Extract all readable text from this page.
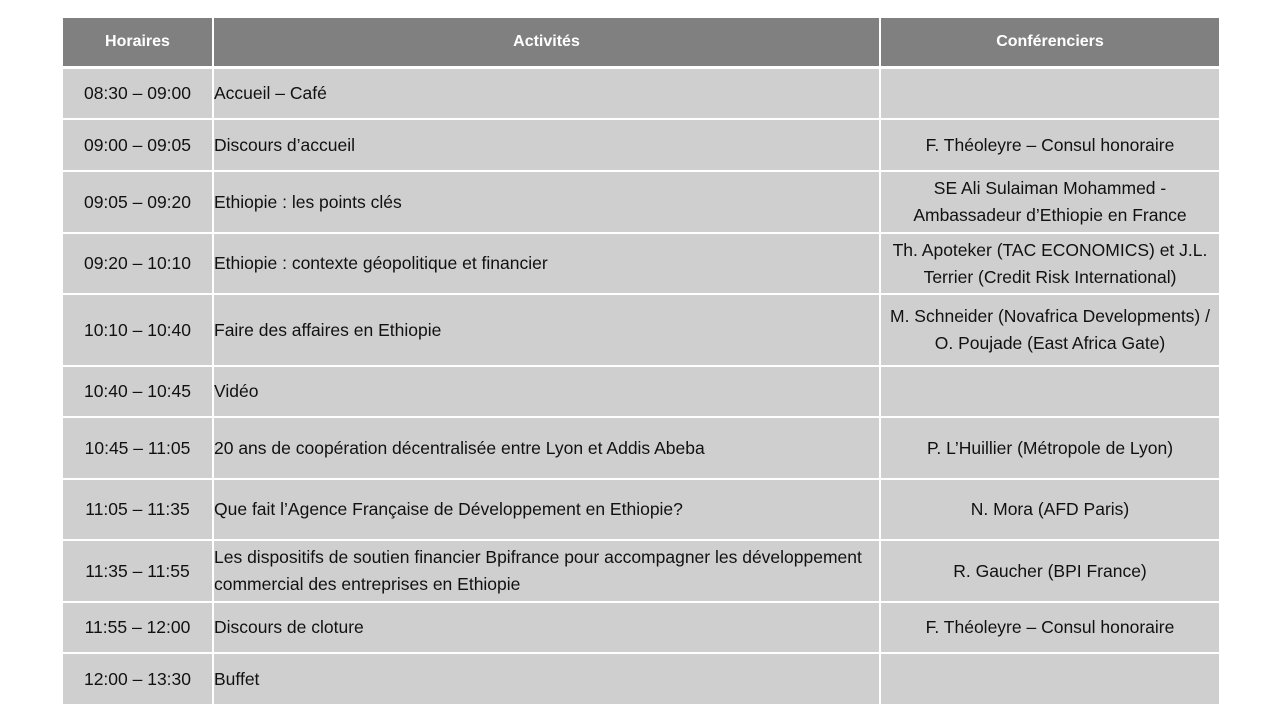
Horaires	Activités	Conférenciers
08:30 – 09:00	Accueil – Café	
09:00 – 09:05	Discours d’accueil	F. Théoleyre – Consul honoraire
09:05 – 09:20	Ethiopie : les points clés	SE Ali Sulaiman Mohammed - Ambassadeur d’Ethiopie en France
09:20 – 10:10	Ethiopie : contexte géopolitique et financier	Th. Apoteker (TAC ECONOMICS) et J.L. Terrier (Credit Risk International)
10:10 – 10:40	Faire des affaires en Ethiopie	M. Schneider (Novafrica Developments) / O. Poujade (East Africa Gate)
10:40 – 10:45	Vidéo	
10:45 – 11:05	20 ans de coopération décentralisée entre Lyon et Addis Abeba	P. L’Huillier (Métropole de Lyon)
11:05 – 11:35	Que fait l’Agence Française de Développement en Ethiopie?	N. Mora (AFD Paris)
11:35 – 11:55	Les dispositifs de soutien financier Bpifrance pour accompagner les développement commercial des entreprises en Ethiopie	R. Gaucher (BPI France)
11:55 – 12:00	Discours de cloture	F. Théoleyre – Consul honoraire
12:00 – 13:30	Buffet	
